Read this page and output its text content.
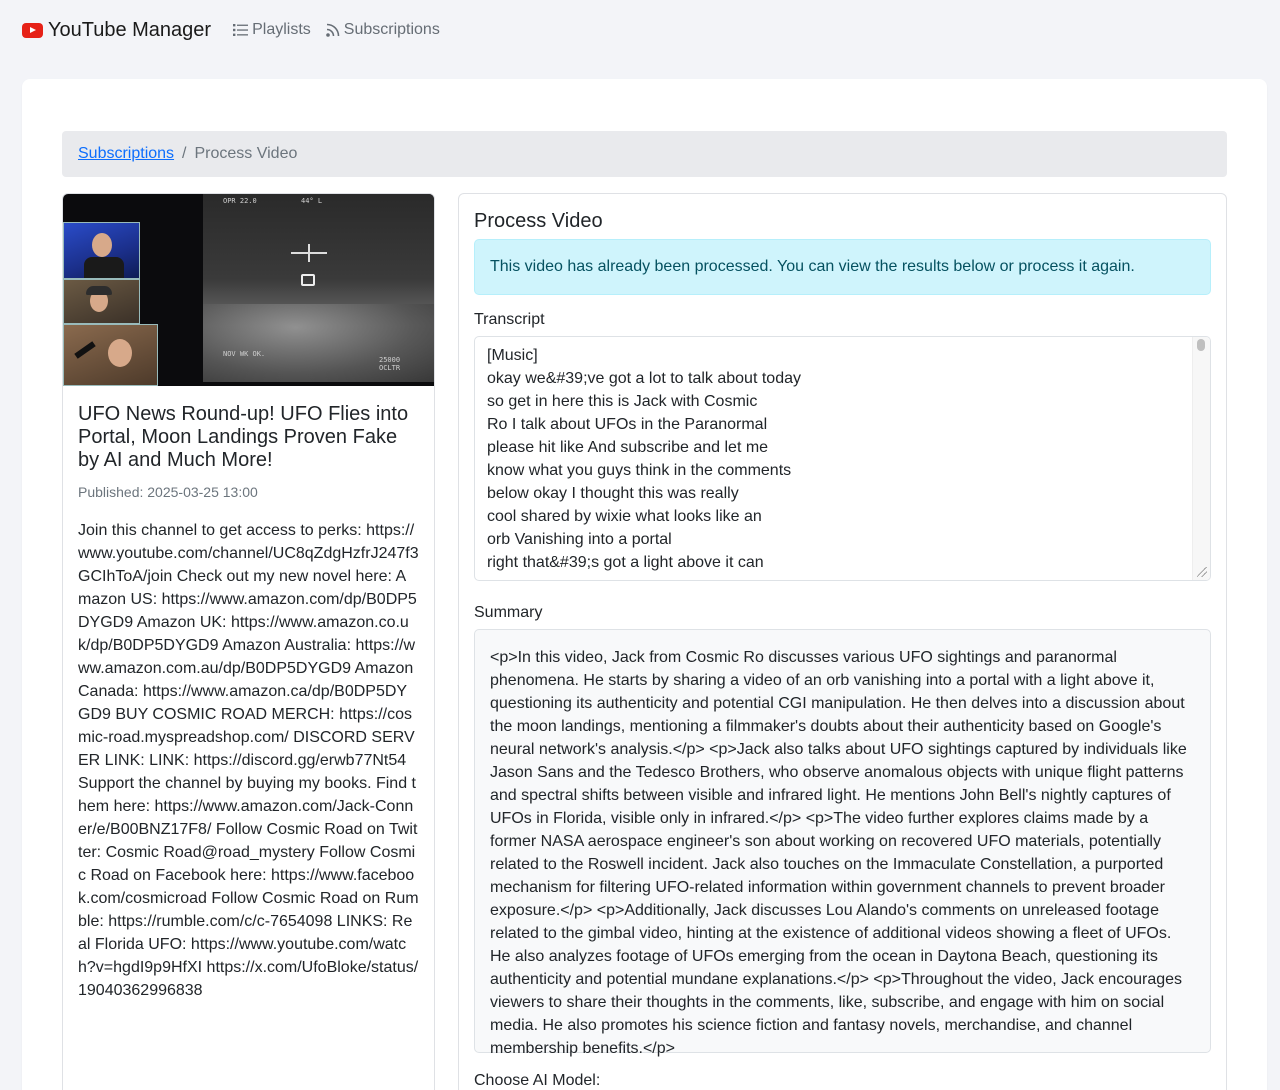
YouTube Manager	Playlists Subscriptions
Subscriptions / Process Video
OPR 22.0	44° L
NOV WK OK.
25000 OCLTR
UFO News Round-up! UFO Flies into Portal, Moon Landings Proven Fake by AI and Much More!
Published: 2025-03-25 13:00
Join this channel to get access to perks: https://www.youtube.com/channel/UC8qZdgHzfrJ247f3GCIhToA/join Check out my new novel here: Amazon US: https://www.amazon.com/dp/B0DP5DYGD9 Amazon UK: https://www.amazon.co.uk/dp/B0DP5DYGD9 Amazon Australia: https://www.amazon.com.au/dp/B0DP5DYGD9 Amazon Canada: https://www.amazon.ca/dp/B0DP5DYGD9 BUY COSMIC ROAD MERCH: https://cosmic-road.myspreadshop.com/ DISCORD SERVER LINK: LINK: https://discord.gg/erwb77Nt54 Support the channel by buying my books. Find them here: https://www.amazon.com/Jack-Conner/e/B00BNZ17F8/ Follow Cosmic Road on Twitter: Cosmic Road@road_mystery Follow Cosmic Road on Facebook here: https://www.facebook.com/cosmicroad Follow Cosmic Road on Rumble: https://rumble.com/c/c-7654098 LINKS: Real Florida UFO: https://www.youtube.com/watch?v=hgdI9p9HfXI https://x.com/UfoBloke/status/19040362996838
Process Video
This video has already been processed. You can view the results below or process it again.
Transcript
[Music]
okay we&#39;ve got a lot to talk about today
so get in here this is Jack with Cosmic
Ro I talk about UFOs in the Paranormal
please hit like And subscribe and let me
know what you guys think in the comments
below okay I thought this was really
cool shared by wixie what looks like an
orb Vanishing into a portal
right that&#39;s got a light above it can
Summary
<p>In this video, Jack from Cosmic Ro discusses various UFO sightings and paranormal phenomena. He starts by sharing a video of an orb vanishing into a portal with a light above it, questioning its authenticity and potential CGI manipulation. He then delves into a discussion about the moon landings, mentioning a filmmaker's doubts about their authenticity based on Google's neural network's analysis.</p> <p>Jack also talks about UFO sightings captured by individuals like Jason Sans and the Tedesco Brothers, who observe anomalous objects with unique flight patterns and spectral shifts between visible and infrared light. He mentions John Bell's nightly captures of UFOs in Florida, visible only in infrared.</p> <p>The video further explores claims made by a former NASA aerospace engineer's son about working on recovered UFO materials, potentially related to the Roswell incident. Jack also touches on the Immaculate Constellation, a purported mechanism for filtering UFO-related information within government channels to prevent broader exposure.</p> <p>Additionally, Jack discusses Lou Alando's comments on unreleased footage related to the gimbal video, hinting at the existence of additional videos showing a fleet of UFOs. He also analyzes footage of UFOs emerging from the ocean in Daytona Beach, questioning its authenticity and potential mundane explanations.</p> <p>Throughout the video, Jack encourages viewers to share their thoughts in the comments, like, subscribe, and engage with him on social media. He also promotes his science fiction and fantasy novels, merchandise, and channel membership benefits.</p>
Choose AI Model:
